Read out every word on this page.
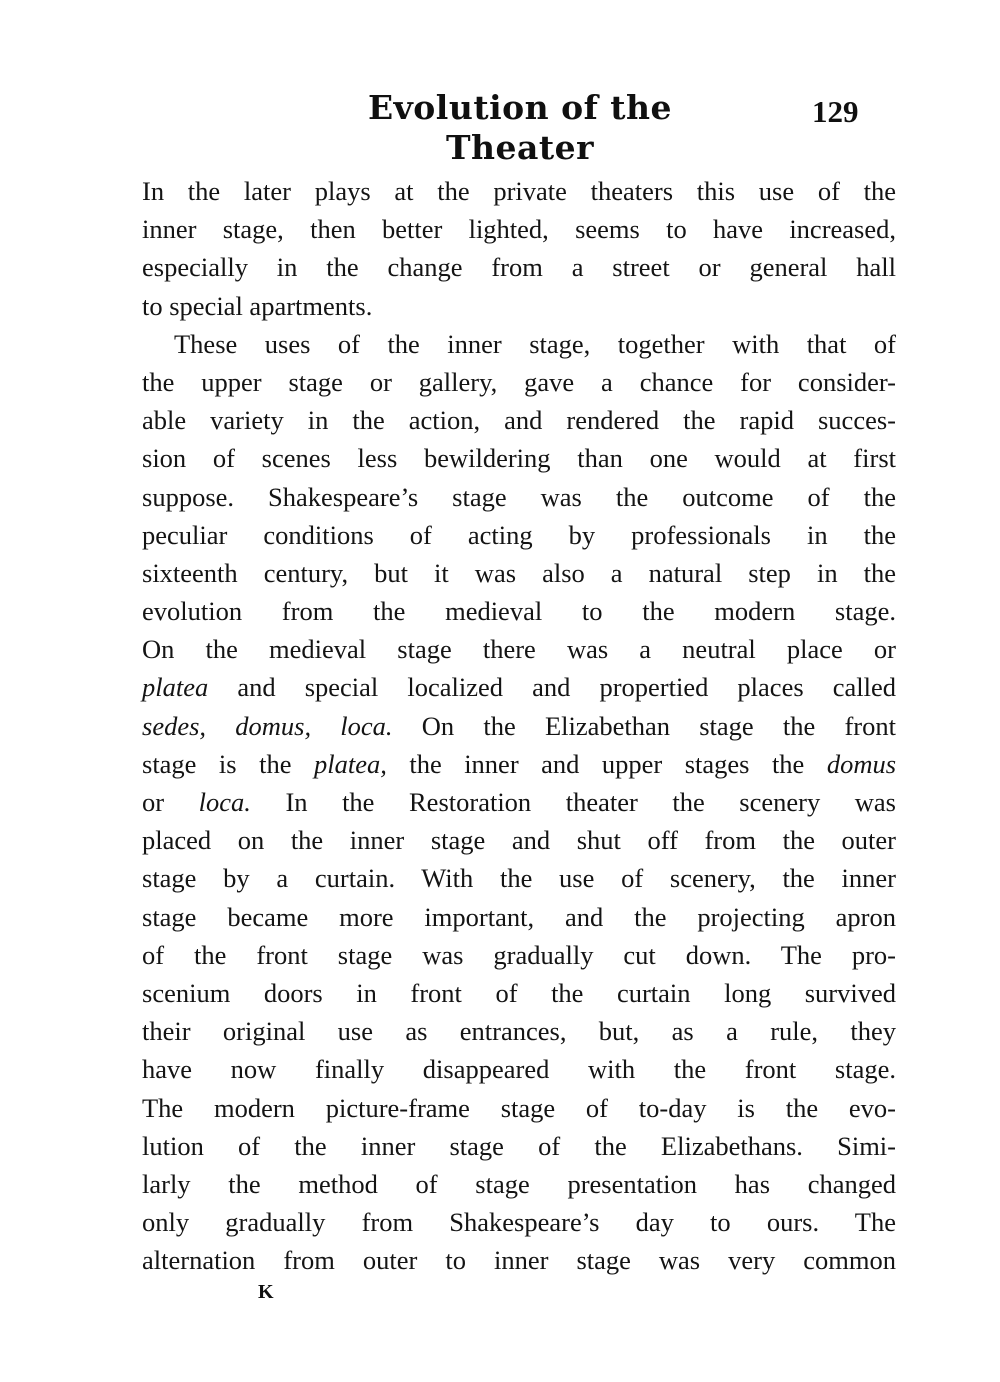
Evolution of the Theater
129
In the later plays at the private theaters this use of the
inner stage, then better lighted, seems to have increased,
especially in the change from a street or general hall
to special apartments.
These uses of the inner stage, together with that of
the upper stage or gallery, gave a chance for consider-
able variety in the action, and rendered the rapid succes-
sion of scenes less bewildering than one would at first
suppose. Shakespeare’s stage was the outcome of the
peculiar conditions of acting by professionals in the
sixteenth century, but it was also a natural step in the
evolution from the medieval to the modern stage.
On the medieval stage there was a neutral place or
platea and special localized and propertied places called
sedes, domus, loca. On the Elizabethan stage the front
stage is the platea, the inner and upper stages the domus
or loca. In the Restoration theater the scenery was
placed on the inner stage and shut off from the outer
stage by a curtain. With the use of scenery, the inner
stage became more important, and the projecting apron
of the front stage was gradually cut down. The pro-
scenium doors in front of the curtain long survived
their original use as entrances, but, as a rule, they
have now finally disappeared with the front stage.
The modern picture-frame stage of to-day is the evo-
lution of the inner stage of the Elizabethans. Simi-
larly the method of stage presentation has changed
only gradually from Shakespeare’s day to ours. The
alternation from outer to inner stage was very common
K
